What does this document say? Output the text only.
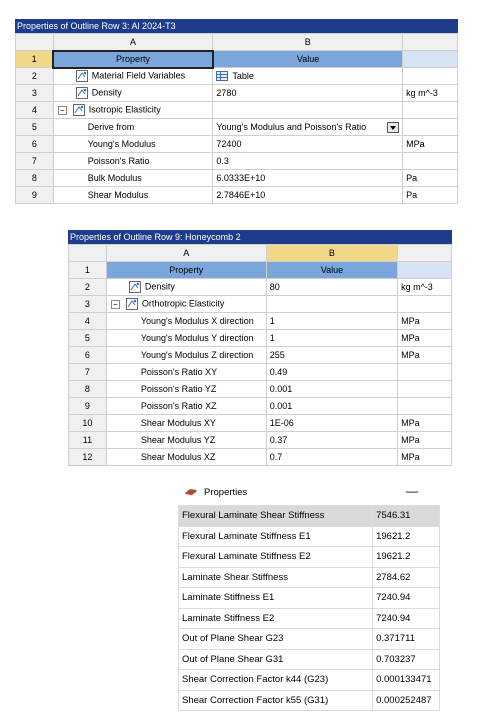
Properties of Outline Row 3: Al 2024-T3
	A	B	
1	Property	Value	
2	Material Field Variables	Table	
3	Density	2780	kg m^-3
4	− Isotropic Elasticity		
5	Derive from	Young's Modulus and Poisson's Ratio	

6	Young's Modulus	72400	MPa
7	Poisson's Ratio	0.3	
8	Bulk Modulus	6.0333E+10	Pa
9	Shear Modulus	2.7846E+10	Pa
Properties of Outline Row 9: Honeycomb 2
	A	B	
1	Property	Value	
2	Density	80	kg m^-3
3	− Orthotropic Elasticity		
4	Young's Modulus X direction	1	MPa
5	Young's Modulus Y direction	1	MPa
6	Young's Modulus Z direction	255	MPa
7	Poisson's Ratio XY	0.49	
8	Poisson's Ratio YZ	0.001	
9	Poisson's Ratio XZ	0.001	
10	Shear Modulus XY	1E-06	MPa
11	Shear Modulus YZ	0.37	MPa
12	Shear Modulus XZ	0.7	MPa
Properties	—
Flexural Laminate Shear Stiffness	7546.31
Flexural Laminate Stiffness E1	19621.2
Flexural Laminate Stiffness E2	19621.2
Laminate Shear Stiffness	2784.62
Laminate Stiffness E1	7240.94
Laminate Stiffness E2	7240.94
Out of Plane Shear G23	0.371711
Out of Plane Shear G31	0.703237
Shear Correction Factor k44 (G23)	0.000133471
Shear Correction Factor k55 (G31)	0.000252487
